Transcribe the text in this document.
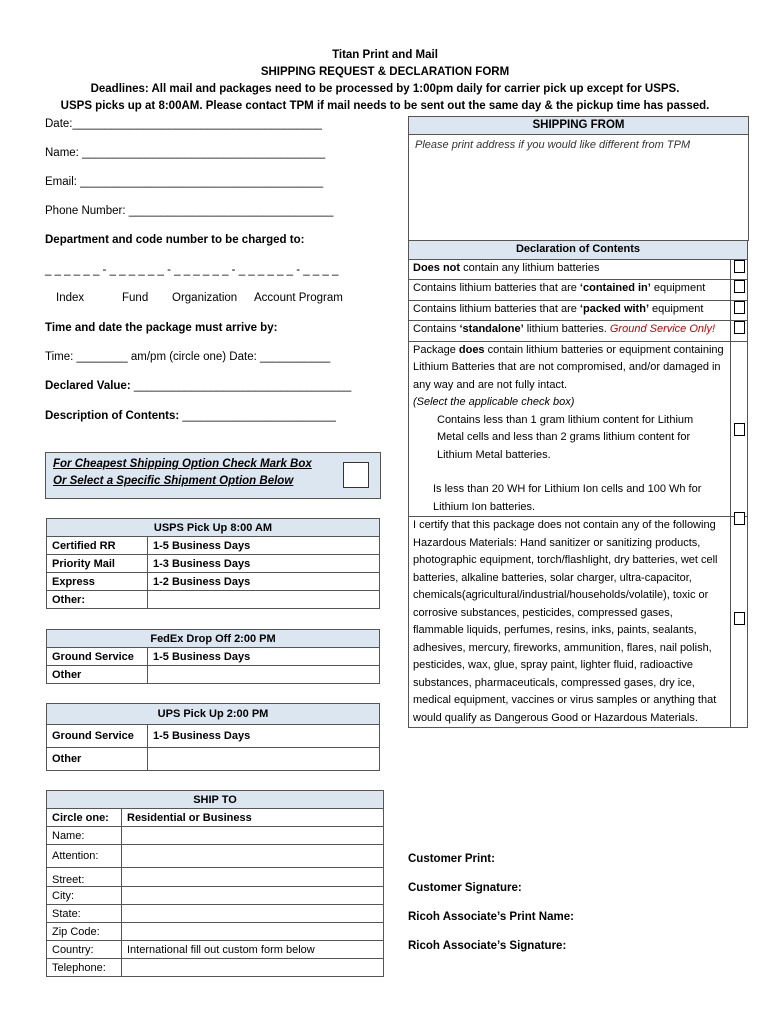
Titan Print and Mail
SHIPPING REQUEST & DECLARATION FORM
Deadlines: All mail and packages need to be processed by 1:00pm daily for carrier pick up except for USPS.
USPS picks up at 8:00AM. Please contact TPM if mail needs to be sent out the same day & the pickup time has passed.
Date:_______________________________________
Name: ______________________________________
Email: ______________________________________
Phone Number: ________________________________
Department and code number to be charged to:
_ _ _ _ _ _ - _ _ _ _ _ _ - _ _ _ _ _ _ - _ _ _ _ _ _ - _ _ _ _
Index	Fund Organization Account Program
Time and date the package must arrive by:
Time: ________ am/pm (circle one) Date: ___________
Declared Value: __________________________________
Description of Contents: ________________________
For Cheapest Shipping Option Check Mark Box
Or Select a Specific Shipment Option Below
USPS Pick Up 8:00 AM	
Certified RR	1-5 Business Days
Priority Mail	1-3 Business Days
Express	1-2 Business Days
Other:	
FedEx Drop Off 2:00 PM	
Ground Service	1-5 Business Days
Other	
UPS Pick Up 2:00 PM	
Ground Service	1-5 Business Days
Other	
SHIP TO	
Circle one:	Residential or Business
Name:	
Attention:	
Street:	
City:	
State:	
Zip Code:	
Country:	International fill out custom form below
Telephone:	
SHIPPING FROM
Please print address if you would like different from TPM
Declaration of Contents	
Does not contain any lithium batteries	
Contains lithium batteries that are ‘contained in’ equipment	
Contains lithium batteries that are ‘packed with’ equipment	
Contains ‘standalone’ lithium batteries. Ground Service Only!	
Package does contain lithium batteries or equipment containing Lithium Batteries that are not compromised, and/or damaged in any way and are not fully intact.
(Select the applicable check box)
Contains less than 1 gram lithium content for Lithium Metal cells and less than 2 grams lithium content for Lithium Metal batteries.
Is less than 20 WH for Lithium Ion cells and 100 Wh for Lithium Ion batteries.	

I certify that this package does not contain any of the following Hazardous Materials: Hand sanitizer or sanitizing products, photographic equipment, torch/flashlight, dry batteries, wet cell batteries, alkaline batteries, solar charger, ultra-capacitor, chemicals(agricultural/industrial/households/volatile), toxic or corrosive substances, pesticides, compressed gases, flammable liquids, perfumes, resins, inks, paints, sealants, adhesives, mercury, fireworks, ammunition, flares, nail polish, pesticides, wax, glue, spray paint, lighter fluid, radioactive substances, pharmaceuticals, compressed gases, dry ice, medical equipment, vaccines or virus samples or anything that would qualify as Dangerous Good or Hazardous Materials.	
Customer Print:
Customer Signature:
Ricoh Associate’s Print Name:
Ricoh Associate’s Signature:
